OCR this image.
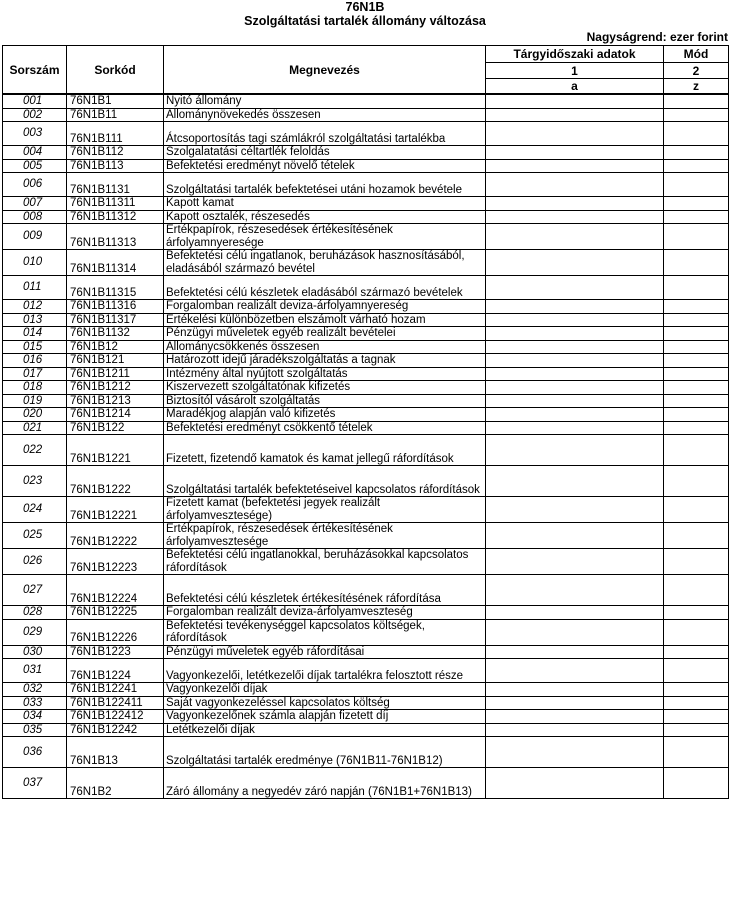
76N1B
Szolgáltatási tartalék állomány változása
Nagyságrend: ezer forint
Sorszám	Sorkód	Megnevezés	Tárgyidőszaki adatok	Mód
			1	2
			a	z
001	76N1B1	Nyitó állomány		
002	76N1B11	Állománynövekedés összesen		
003	76N1B111	Átcsoportosítás tagi számlákról szolgáltatási tartalékba		
004	76N1B112	Szolgalatatási céltartlék feloldás		
005	76N1B113	Befektetési eredményt növelő tételek		
006	76N1B1131	Szolgáltatási tartalék befektetései utáni hozamok bevétele		
007	76N1B11311	Kapott kamat		
008	76N1B11312	Kapott osztalék, részesedés		
009	76N1B11313	Értékpapírok, részesedések értékesítésének árfolyamnyeresége		
010	76N1B11314	Befektetési célú ingatlanok, beruházások hasznosításából, eladásából származó bevétel		
011	76N1B11315	Befektetési célú készletek eladásából származó bevételek		
012	76N1B11316	Forgalomban realizált deviza-árfolyamnyereség		
013	76N1B11317	Értékelési különbözetben elszámolt várható hozam		
014	76N1B1132	Pénzügyi műveletek egyéb realizált bevételei		
015	76N1B12	Állománycsökkenés összesen		
016	76N1B121	Határozott idejű járadékszolgáltatás a tagnak		
017	76N1B1211	Intézmény által nyújtott szolgáltatás		
018	76N1B1212	Kiszervezett szolgáltatónak kifizetés		
019	76N1B1213	Biztosítól vásárolt szolgáltatás		
020	76N1B1214	Maradékjog alapján való kifizetés		
021	76N1B122	Befektetési eredményt csökkentő tételek		
022	76N1B1221	Fizetett, fizetendő kamatok és kamat jellegű ráfordítások		
023	76N1B1222	Szolgáltatási tartalék befektetéseivel kapcsolatos ráfordítások		
024	76N1B12221	Fizetett kamat (befektetési jegyek realizált árfolyamvesztesége)		
025	76N1B12222	Értékpapírok, részesedések értékesítésének árfolyamvesztesége		
026	76N1B12223	Befektetési célú ingatlanokkal, beruházásokkal kapcsolatos ráfordítások		
027	76N1B12224	Befektetési célú készletek értékesítésének ráfordítása		
028	76N1B12225	Forgalomban realizált deviza-árfolyamveszteség		
029	76N1B12226	Befektetési tevékenységgel kapcsolatos költségek, ráfordítások		
030	76N1B1223	Pénzügyi műveletek egyéb ráfordításai		
031	76N1B1224	Vagyonkezelői, letétkezelői díjak tartalékra felosztott része		
032	76N1B12241	Vagyonkezelői díjak		
033	76N1B122411	Saját vagyonkezeléssel kapcsolatos költség		
034	76N1B122412	Vagyonkezelőnek számla alapján fizetett díj		
035	76N1B12242	Letétkezelői díjak		
036	76N1B13	Szolgáltatási tartalék eredménye (76N1B11-76N1B12)		
037	76N1B2	Záró állomány a negyedév záró napján (76N1B1+76N1B13)		
